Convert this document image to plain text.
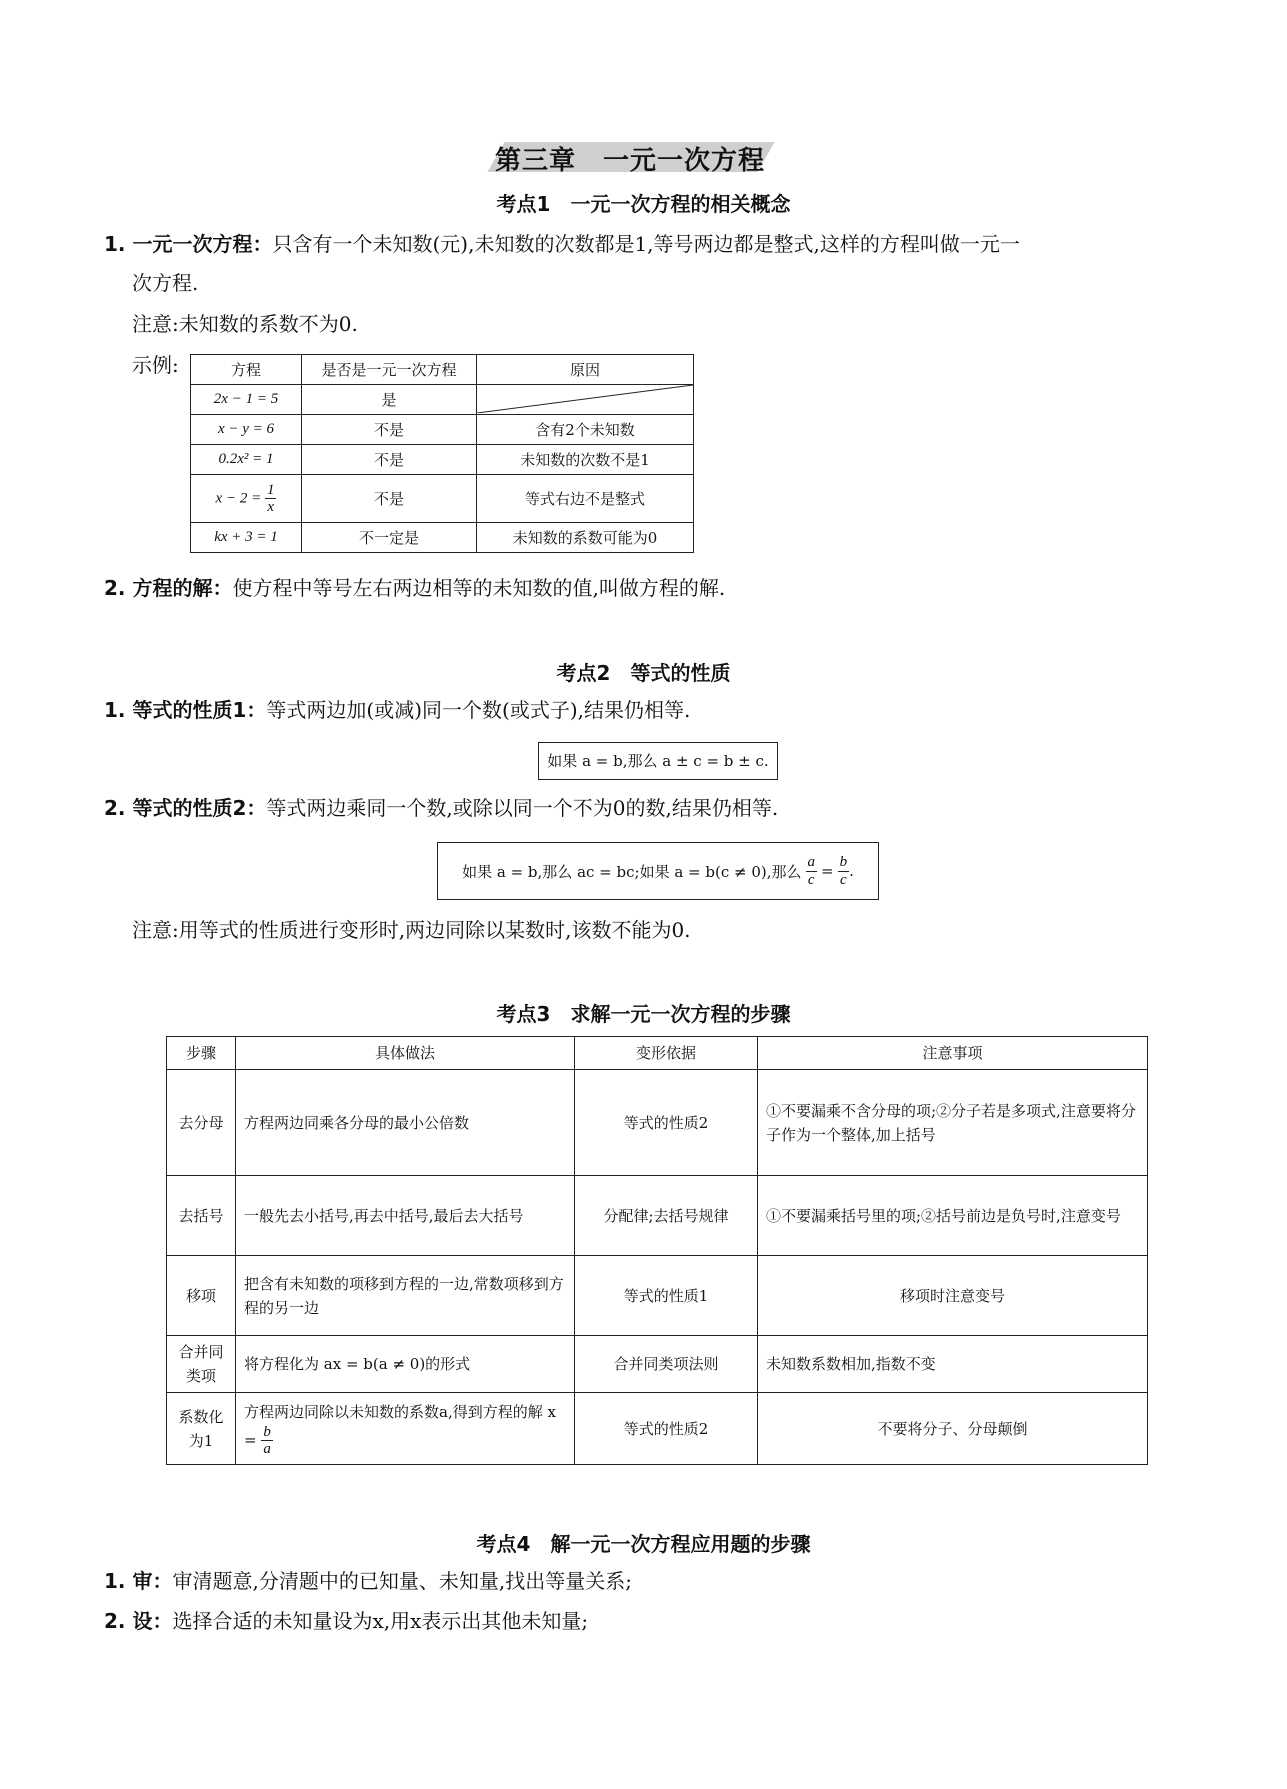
第三章　一元一次方程
考点1　一元一次方程的相关概念
1. 一元一次方程：只含有一个未知数(元),未知数的次数都是1,等号两边都是整式,这样的方程叫做一元一
次方程.
注意:未知数的系数不为0.
示例:	方程	是否是一元一次方程	原因
2x − 1 = 5	是	

x − y = 6	不是	含有2个未知数
0.2x² = 1	不是	未知数的次数不是1
$x - 2 = \frac{1}{x}$	不是	等式右边不是整式
kx + 3 = 1	不一定是	未知数的系数可能为0
2. 方程的解：使方程中等号左右两边相等的未知数的值,叫做方程的解.
考点2　等式的性质
1. 等式的性质1：等式两边加(或减)同一个数(或式子),结果仍相等.
如果 a = b,那么 a ± c = b ± c.
2. 等式的性质2：等式两边乘同一个数,或除以同一个不为0的数,结果仍相等.
如果 a = b,那么 ac = bc;如果 a = b(c ≠ 0),那么 $\frac{a}{c} = \frac{b}{c}$ .
注意:用等式的性质进行变形时,两边同除以某数时,该数不能为0.
考点3　求解一元一次方程的步骤
步骤	具体做法	变形依据	注意事项
去分母	方程两边同乘各分母的最小公倍数	等式的性质2	①不要漏乘不含分母的项;②分子若是多项式,注意要将分子作为一个整体,加上括号
去括号	一般先去小括号,再去中括号,最后去大括号	分配律;去括号规律	①不要漏乘括号里的项;②括号前边是负号时,注意变号
移项	把含有未知数的项移到方程的一边,常数项移到方程的另一边	等式的性质1	移项时注意变号
合并同类项	将方程化为 ax = b(a ≠ 0)的形式	合并同类项法则	未知数系数相加,指数不变
系数化为1	方程两边同除以未知数的系数a,得到方程的解 $x = \frac{b}{a}$	等式的性质2	不要将分子、分母颠倒
考点4　解一元一次方程应用题的步骤
1. 审：审清题意,分清题中的已知量、未知量,找出等量关系;
2. 设：选择合适的未知量设为x,用x表示出其他未知量;
